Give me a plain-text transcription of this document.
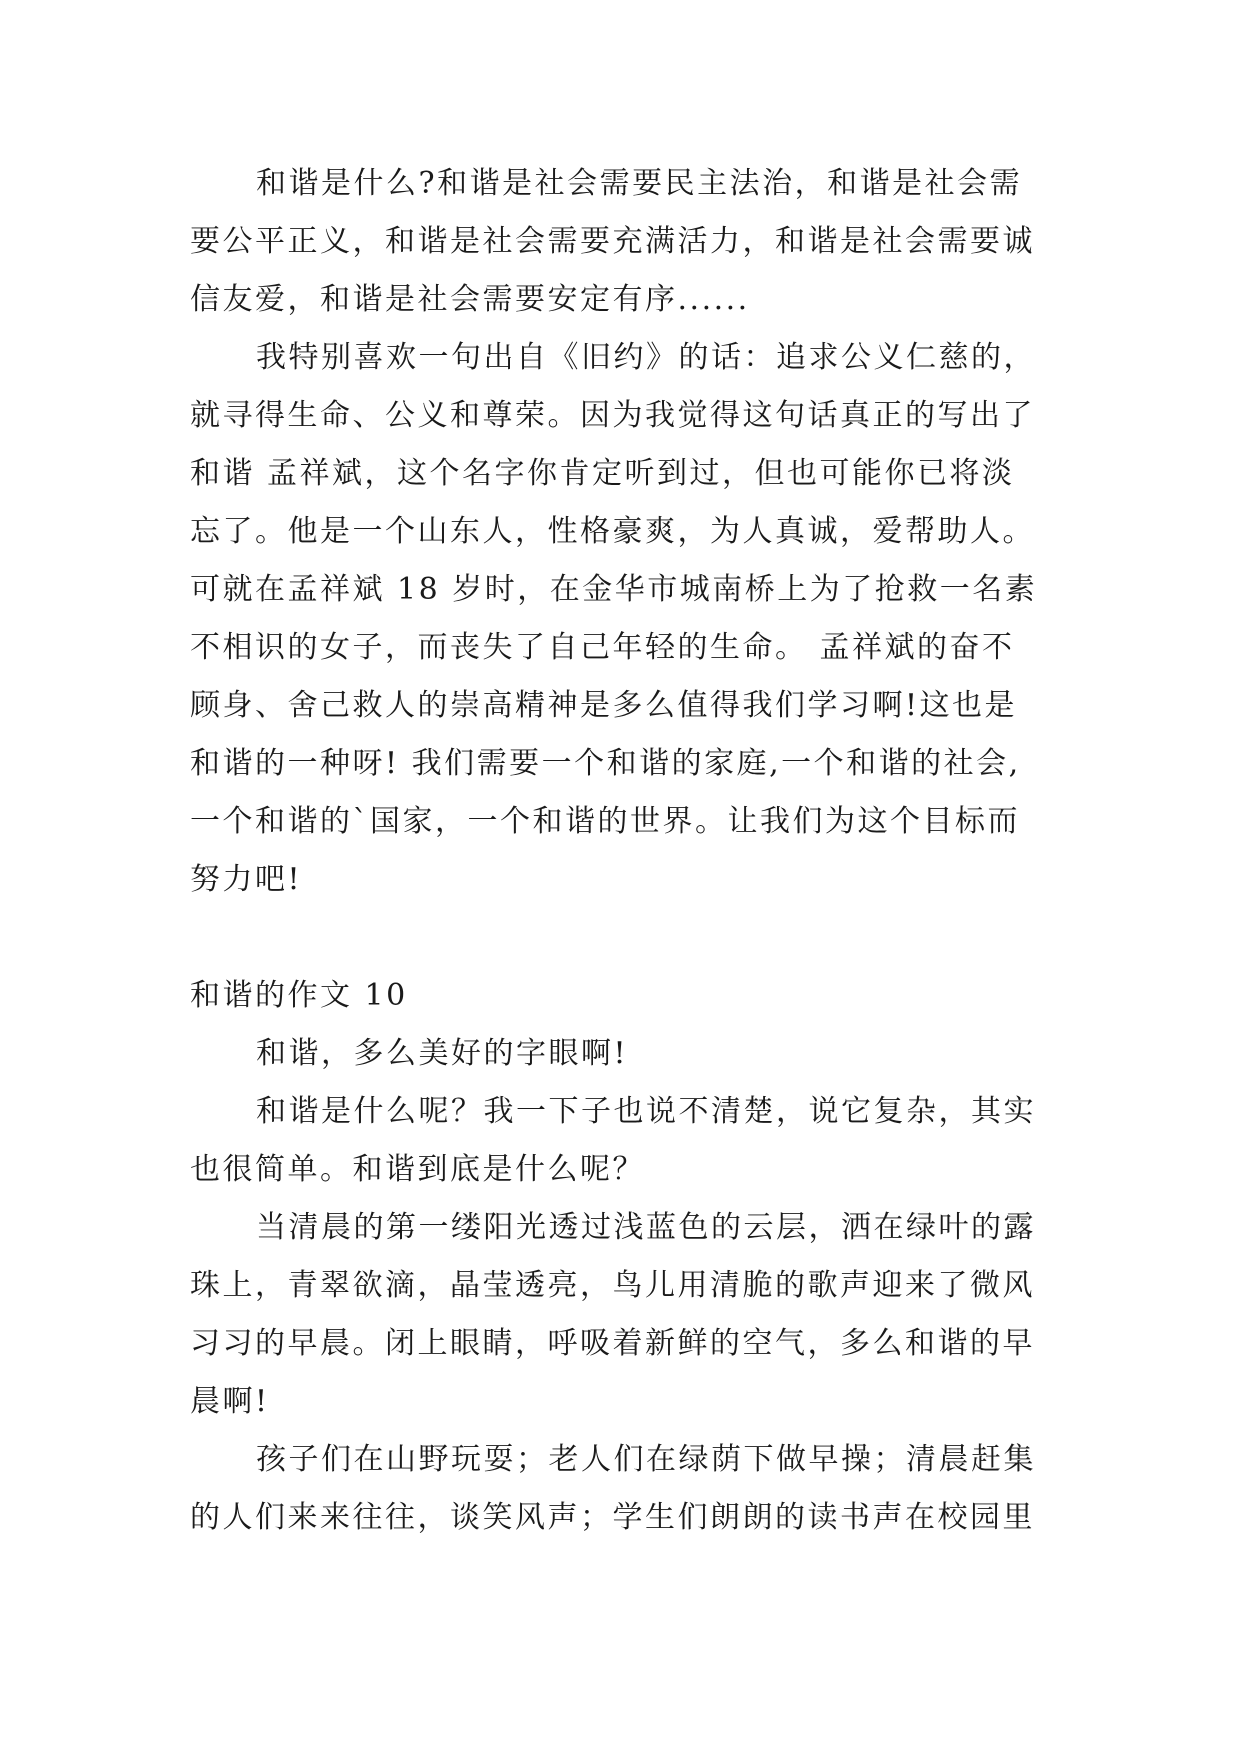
和谐是什么?和谐是社会需要民主法治，和谐是社会需
要公平正义，和谐是社会需要充满活力，和谐是社会需要诚
信友爱，和谐是社会需要安定有序......
我特别喜欢一句出自《旧约》的话：追求公义仁慈的，
就寻得生命、公义和尊荣。因为我觉得这句话真正的写出了
和谐 孟祥斌，这个名字你肯定听到过，但也可能你已将淡
忘了。他是一个山东人，性格豪爽，为人真诚，爱帮助人。
可就在孟祥斌 18 岁时，在金华市城南桥上为了抢救一名素
不相识的女子，而丧失了自己年轻的生命。 孟祥斌的奋不
顾身、舍己救人的崇高精神是多么值得我们学习啊!这也是
和谐的一种呀! 我们需要一个和谐的家庭,一个和谐的社会,
一个和谐的`国家，一个和谐的世界。让我们为这个目标而
努力吧!
和谐的作文 10
和谐，多么美好的字眼啊!
和谐是什么呢？我一下子也说不清楚，说它复杂，其实
也很简单。和谐到底是什么呢？
当清晨的第一缕阳光透过浅蓝色的云层，洒在绿叶的露
珠上，青翠欲滴，晶莹透亮，鸟儿用清脆的歌声迎来了微风
习习的早晨。闭上眼睛，呼吸着新鲜的空气，多么和谐的早
晨啊!
孩子们在山野玩耍；老人们在绿荫下做早操；清晨赶集
的人们来来往往，谈笑风声；学生们朗朗的读书声在校园里
